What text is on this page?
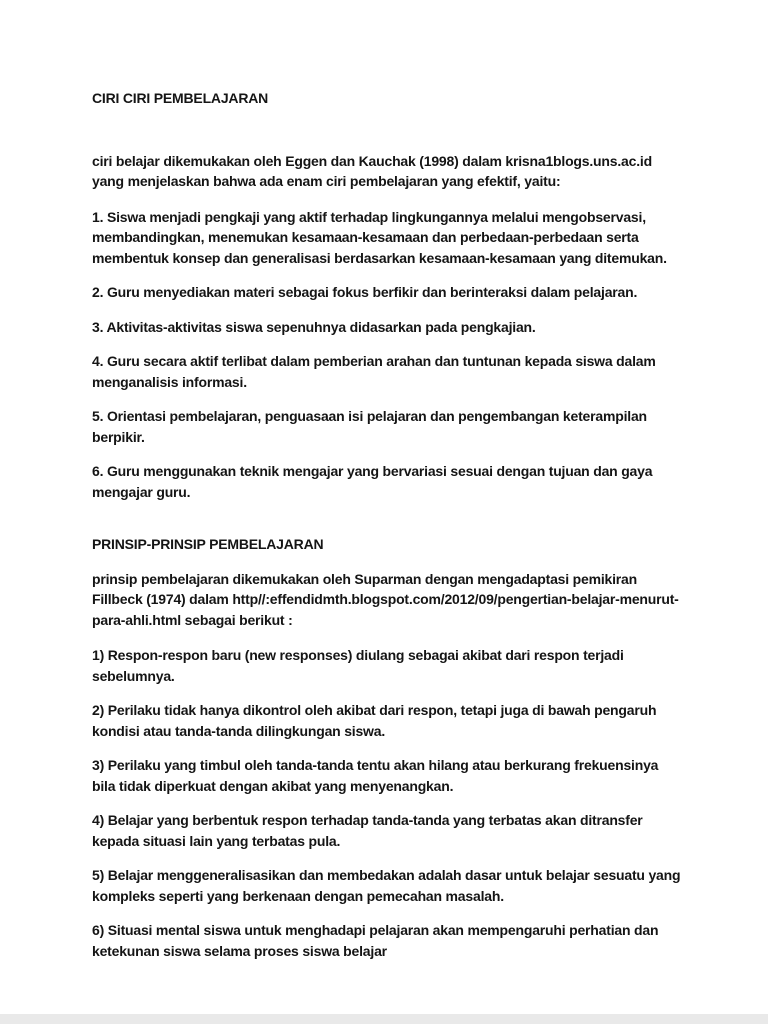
CIRI CIRI PEMBELAJARAN

ciri belajar dikemukakan oleh Eggen dan Kauchak (1998) dalam krisna1blogs.uns.ac.id yang menjelaskan bahwa ada enam ciri pembelajaran yang efektif, yaitu:

1. Siswa menjadi pengkaji yang aktif terhadap lingkungannya melalui mengobservasi, membandingkan, menemukan kesamaan-kesamaan dan perbedaan-perbedaan serta membentuk konsep dan generalisasi berdasarkan kesamaan-kesamaan yang ditemukan.

2. Guru menyediakan materi sebagai fokus berfikir dan berinteraksi dalam pelajaran.

3. Aktivitas-aktivitas siswa sepenuhnya didasarkan pada pengkajian.

4. Guru secara aktif terlibat dalam pemberian arahan dan tuntunan kepada siswa dalam menganalisis informasi.

5. Orientasi pembelajaran, penguasaan isi pelajaran dan pengembangan keterampilan berpikir.

6. Guru menggunakan teknik mengajar yang bervariasi sesuai dengan tujuan dan gaya mengajar guru.

PRINSIP-PRINSIP PEMBELAJARAN

prinsip pembelajaran dikemukakan oleh Suparman dengan mengadaptasi pemikiran Fillbeck (1974) dalam http//:effendidmth.blogspot.com/2012/09/pengertian-belajar-menurut-para-ahli.html sebagai berikut :

1) Respon-respon baru (new responses) diulang sebagai akibat dari respon terjadi sebelumnya.

2) Perilaku tidak hanya dikontrol oleh akibat dari respon, tetapi juga di bawah pengaruh kondisi atau tanda-tanda dilingkungan siswa.

3) Perilaku yang timbul oleh tanda-tanda tentu akan hilang atau berkurang frekuensinya bila tidak diperkuat dengan akibat yang menyenangkan.

4) Belajar yang berbentuk respon terhadap tanda-tanda yang terbatas akan ditransfer kepada situasi lain yang terbatas pula.

5) Belajar menggeneralisasikan dan membedakan adalah dasar untuk belajar sesuatu yang kompleks seperti yang berkenaan dengan pemecahan masalah.

6) Situasi mental siswa untuk menghadapi pelajaran akan mempengaruhi perhatian dan ketekunan siswa selama proses siswa belajar
